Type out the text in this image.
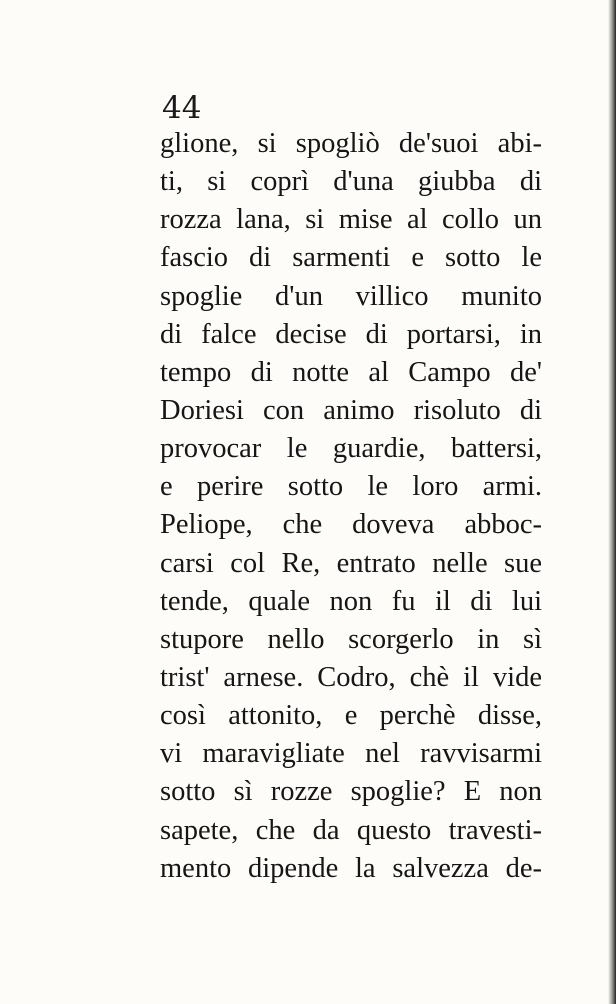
44
glione, si spogliò de'suoi abi-
ti, si coprì d'una giubba di
rozza lana, si mise al collo un
fascio di sarmenti e sotto le
spoglie d'un villico munito
di falce decise di portarsi, in
tempo di notte al Campo de'
Doriesi con animo risoluto di
provocar le guardie, battersi,
e perire sotto le loro armi.
Peliope, che doveva abboc-
carsi col Re, entrato nelle sue
tende, quale non fu il di lui
stupore nello scorgerlo in sì
trist' arnese. Codro, chè il vide
così attonito, e perchè disse,
vi maravigliate nel ravvisarmi
sotto sì rozze spoglie? E non
sapete, che da questo travesti-
mento dipende la salvezza de-
